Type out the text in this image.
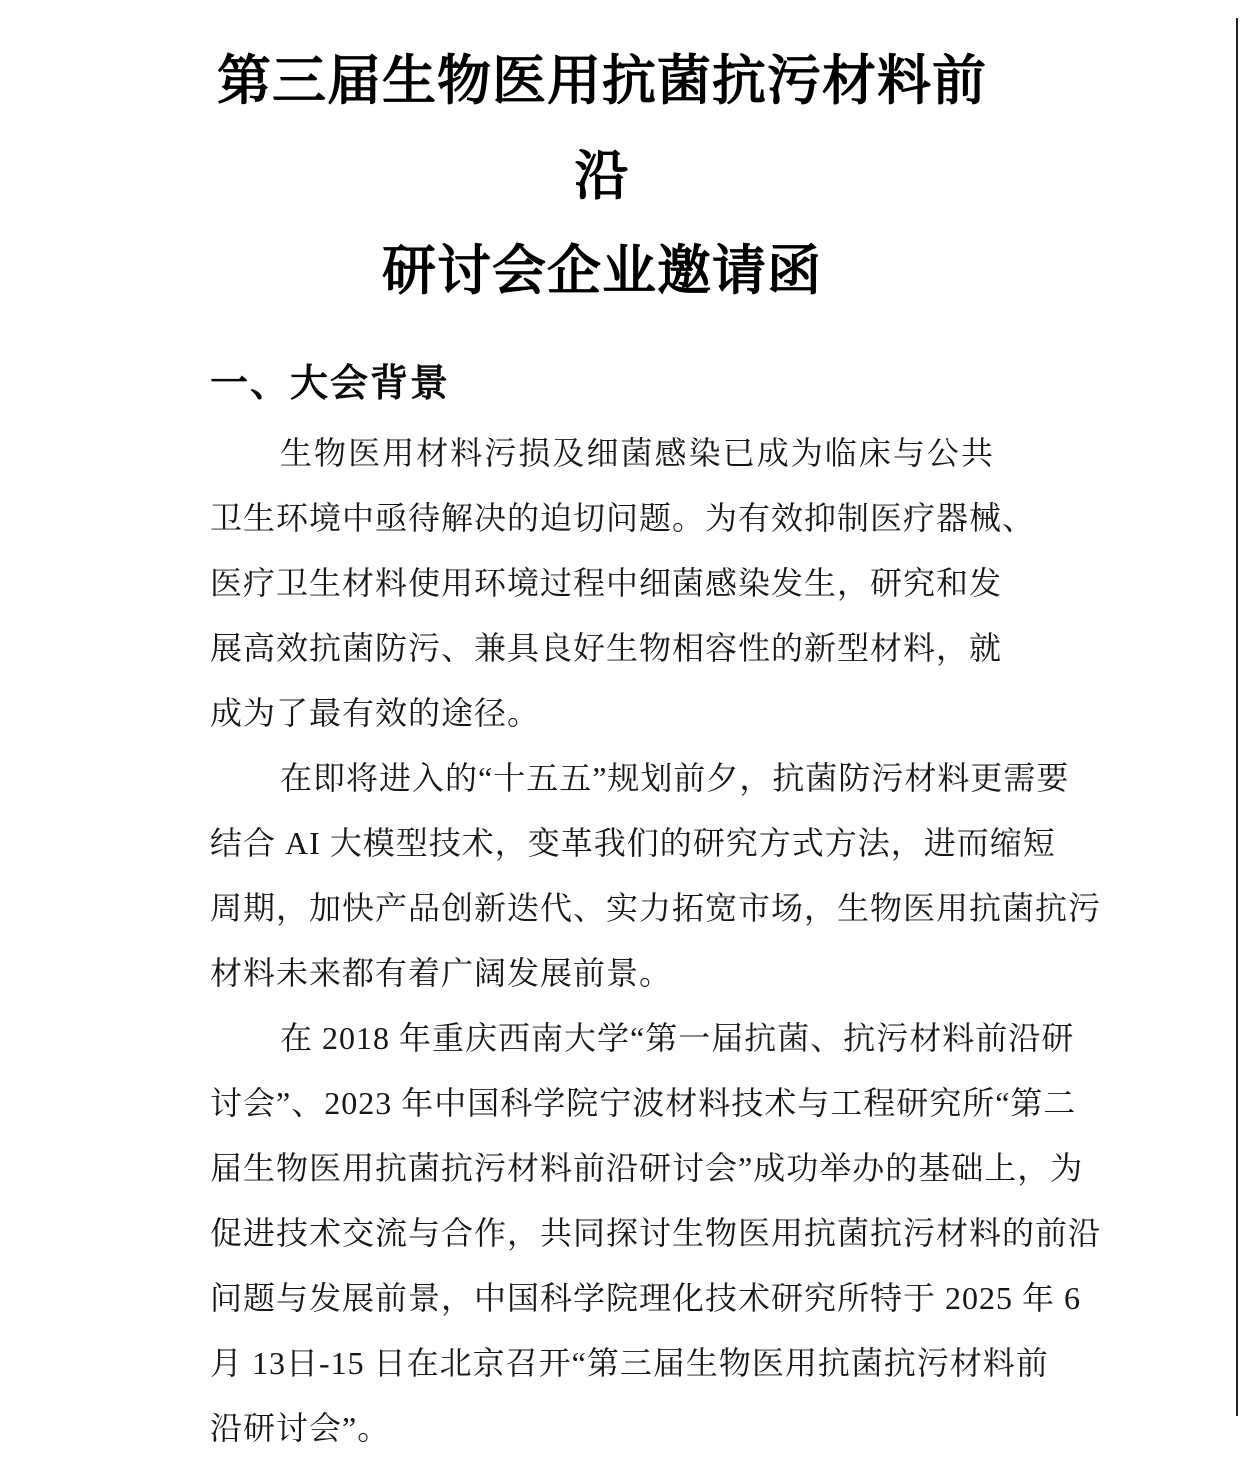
第三届生物医用抗菌抗污材料前沿
研讨会企业邀请函
一、大会背景
生物医用材料污损及细菌感染已成为临床与公共
卫生环境中亟待解决的迫切问题。为有效抑制医疗器械、
医疗卫生材料使用环境过程中细菌感染发生，研究和发
展高效抗菌防污、兼具良好生物相容性的新型材料，就
成为了最有效的途径。
在即将进入的“十五五”规划前夕，抗菌防污材料更需要
结合 AI 大模型技术，变革我们的研究方式方法，进而缩短
周期，加快产品创新迭代、实力拓宽市场，生物医用抗菌抗污
材料未来都有着广阔发展前景。
在 2018 年重庆西南大学“第一届抗菌、抗污材料前沿研
讨会”、2023 年中国科学院宁波材料技术与工程研究所“第二
届生物医用抗菌抗污材料前沿研讨会”成功举办的基础上，为
促进技术交流与合作，共同探讨生物医用抗菌抗污材料的前沿
问题与发展前景，中国科学院理化技术研究所特于 2025 年 6
月 13日-15 日在北京召开“第三届生物医用抗菌抗污材料前
沿研讨会”。
